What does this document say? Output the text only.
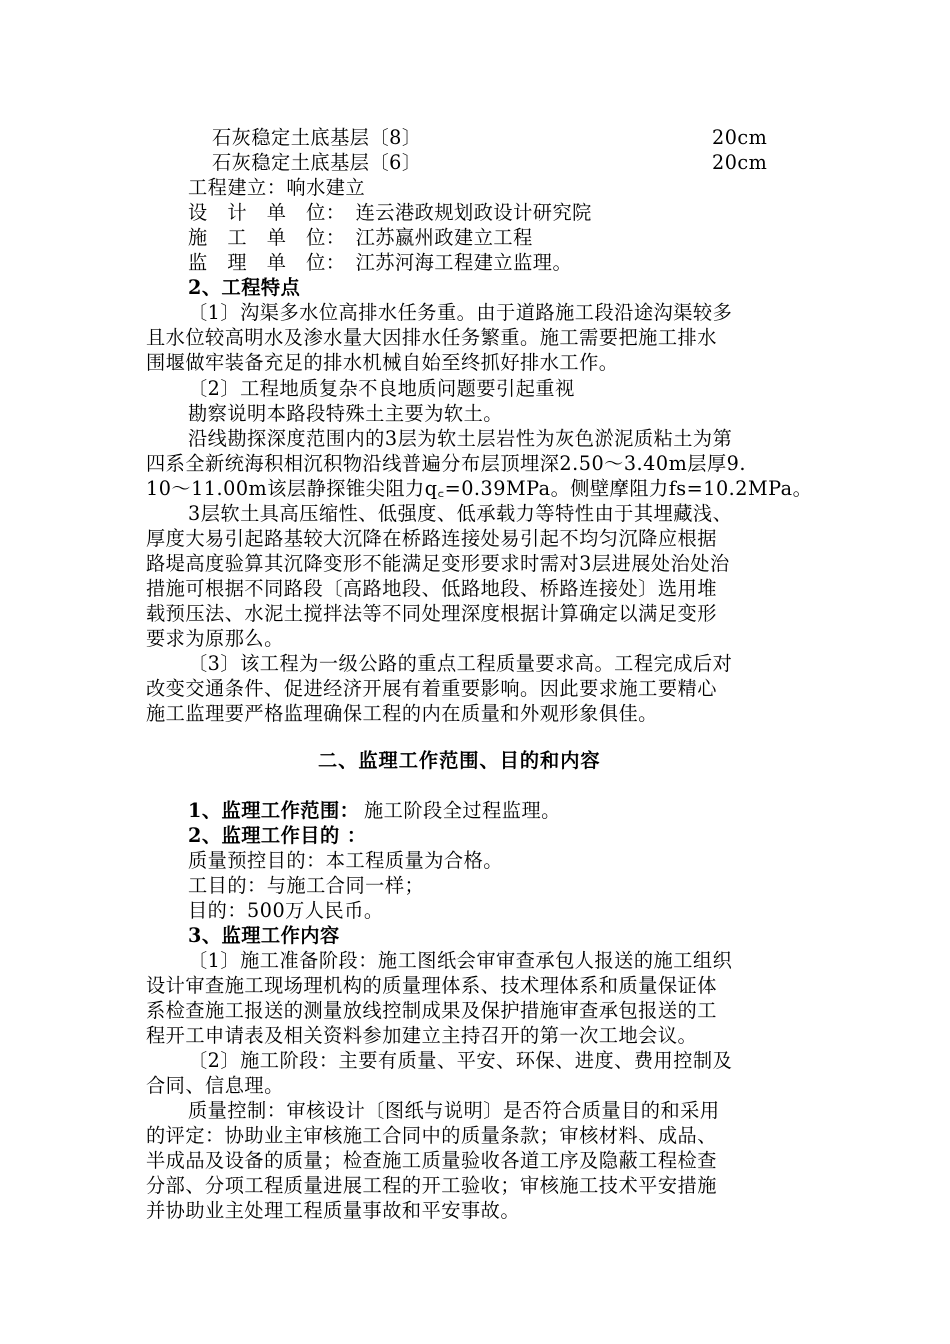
石灰稳定土底基层〔8〕	20cm
石灰稳定土底基层〔6〕	20cm
工程建立：响水建立
设　计　单　位：　连云港政规划政设计研究院
施　工　单　位：　江苏嬴州政建立工程
监　理　单　位：　江苏河海工程建立监理。
2、工程特点
〔1〕沟渠多水位高排水任务重。由于道路施工段沿途沟渠较多
且水位较高明水及渗水量大因排水任务繁重。施工需要把施工排水
围堰做牢装备充足的排水机械自始至终抓好排水工作。
〔2〕工程地质复杂不良地质问题要引起重视
勘察说明本路段特殊土主要为软土。
沿线勘探深度范围内的3层为软土层岩性为灰色淤泥质粘土为第
四系全新统海积相沉积物沿线普遍分布层顶埋深2.50～3.40m层厚9.
10～11.00m该层静探锥尖阻力q꜀=0.39MPa。侧壁摩阻力fs=10.2MPa。
3层软土具高压缩性、低强度、低承载力等特性由于其埋藏浅、
厚度大易引起路基较大沉降在桥路连接处易引起不均匀沉降应根据
路堤高度验算其沉降变形不能满足变形要求时需对3层进展处治处治
措施可根据不同路段〔高路地段、低路地段、桥路连接处〕选用堆
载预压法、水泥土搅拌法等不同处理深度根据计算确定以满足变形
要求为原那么。
〔3〕该工程为一级公路的重点工程质量要求高。工程完成后对
改变交通条件、促进经济开展有着重要影响。因此要求施工要精心
施工监理要严格监理确保工程的内在质量和外观形象俱佳。
二、监理工作范围、目的和内容
1、监理工作范围： 施工阶段全过程监理。
2、监理工作目的 ：
质量预控目的：本工程质量为合格。
工目的：与施工合同一样；
目的：500万人民币。
3、监理工作内容
〔1〕施工准备阶段：施工图纸会审审查承包人报送的施工组织
设计审查施工现场理机构的质量理体系、技术理体系和质量保证体
系检查施工报送的测量放线控制成果及保护措施审查承包报送的工
程开工申请表及相关资料参加建立主持召开的第一次工地会议。
〔2〕施工阶段：主要有质量、平安、环保、进度、费用控制及
合同、信息理。
质量控制：审核设计〔图纸与说明〕是否符合质量目的和采用
的评定：协助业主审核施工合同中的质量条款；审核材料、成品、
半成品及设备的质量；检查施工质量验收各道工序及隐蔽工程检查
分部、分项工程质量进展工程的开工验收；审核施工技术平安措施
并协助业主处理工程质量事故和平安事故。
